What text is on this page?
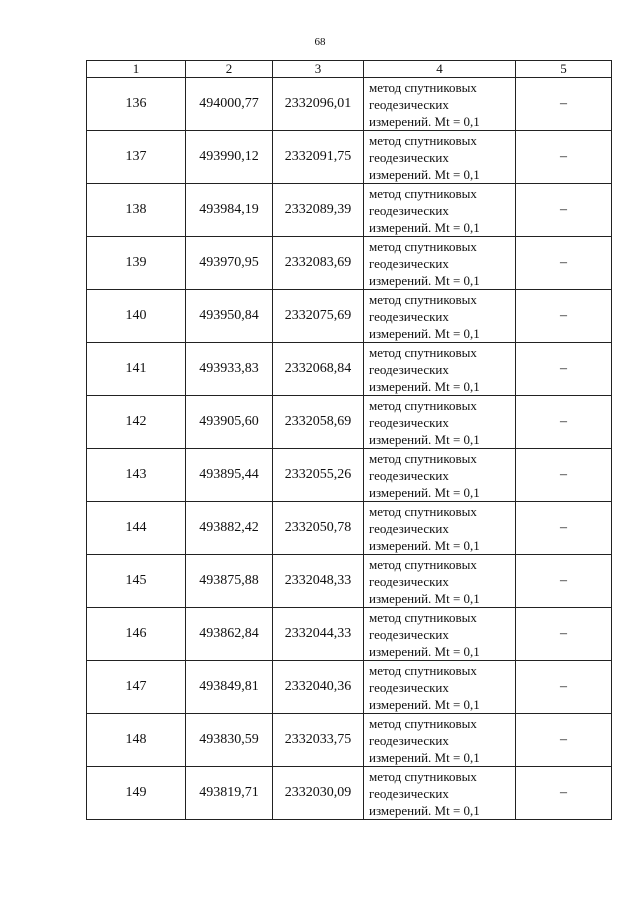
68
1	2	3	4	5
136	494000,77	2332096,01	метод спутниковых
геодезических
измерений. Mt = 0,1	–
137	493990,12	2332091,75	метод спутниковых
геодезических
измерений. Mt = 0,1	–
138	493984,19	2332089,39	метод спутниковых
геодезических
измерений. Mt = 0,1	–
139	493970,95	2332083,69	метод спутниковых
геодезических
измерений. Mt = 0,1	–
140	493950,84	2332075,69	метод спутниковых
геодезических
измерений. Mt = 0,1	–
141	493933,83	2332068,84	метод спутниковых
геодезических
измерений. Mt = 0,1	–
142	493905,60	2332058,69	метод спутниковых
геодезических
измерений. Mt = 0,1	–
143	493895,44	2332055,26	метод спутниковых
геодезических
измерений. Mt = 0,1	–
144	493882,42	2332050,78	метод спутниковых
геодезических
измерений. Mt = 0,1	–
145	493875,88	2332048,33	метод спутниковых
геодезических
измерений. Mt = 0,1	–
146	493862,84	2332044,33	метод спутниковых
геодезических
измерений. Mt = 0,1	–
147	493849,81	2332040,36	метод спутниковых
геодезических
измерений. Mt = 0,1	–
148	493830,59	2332033,75	метод спутниковых
геодезических
измерений. Mt = 0,1	–
149	493819,71	2332030,09	метод спутниковых
геодезических
измерений. Mt = 0,1	–
